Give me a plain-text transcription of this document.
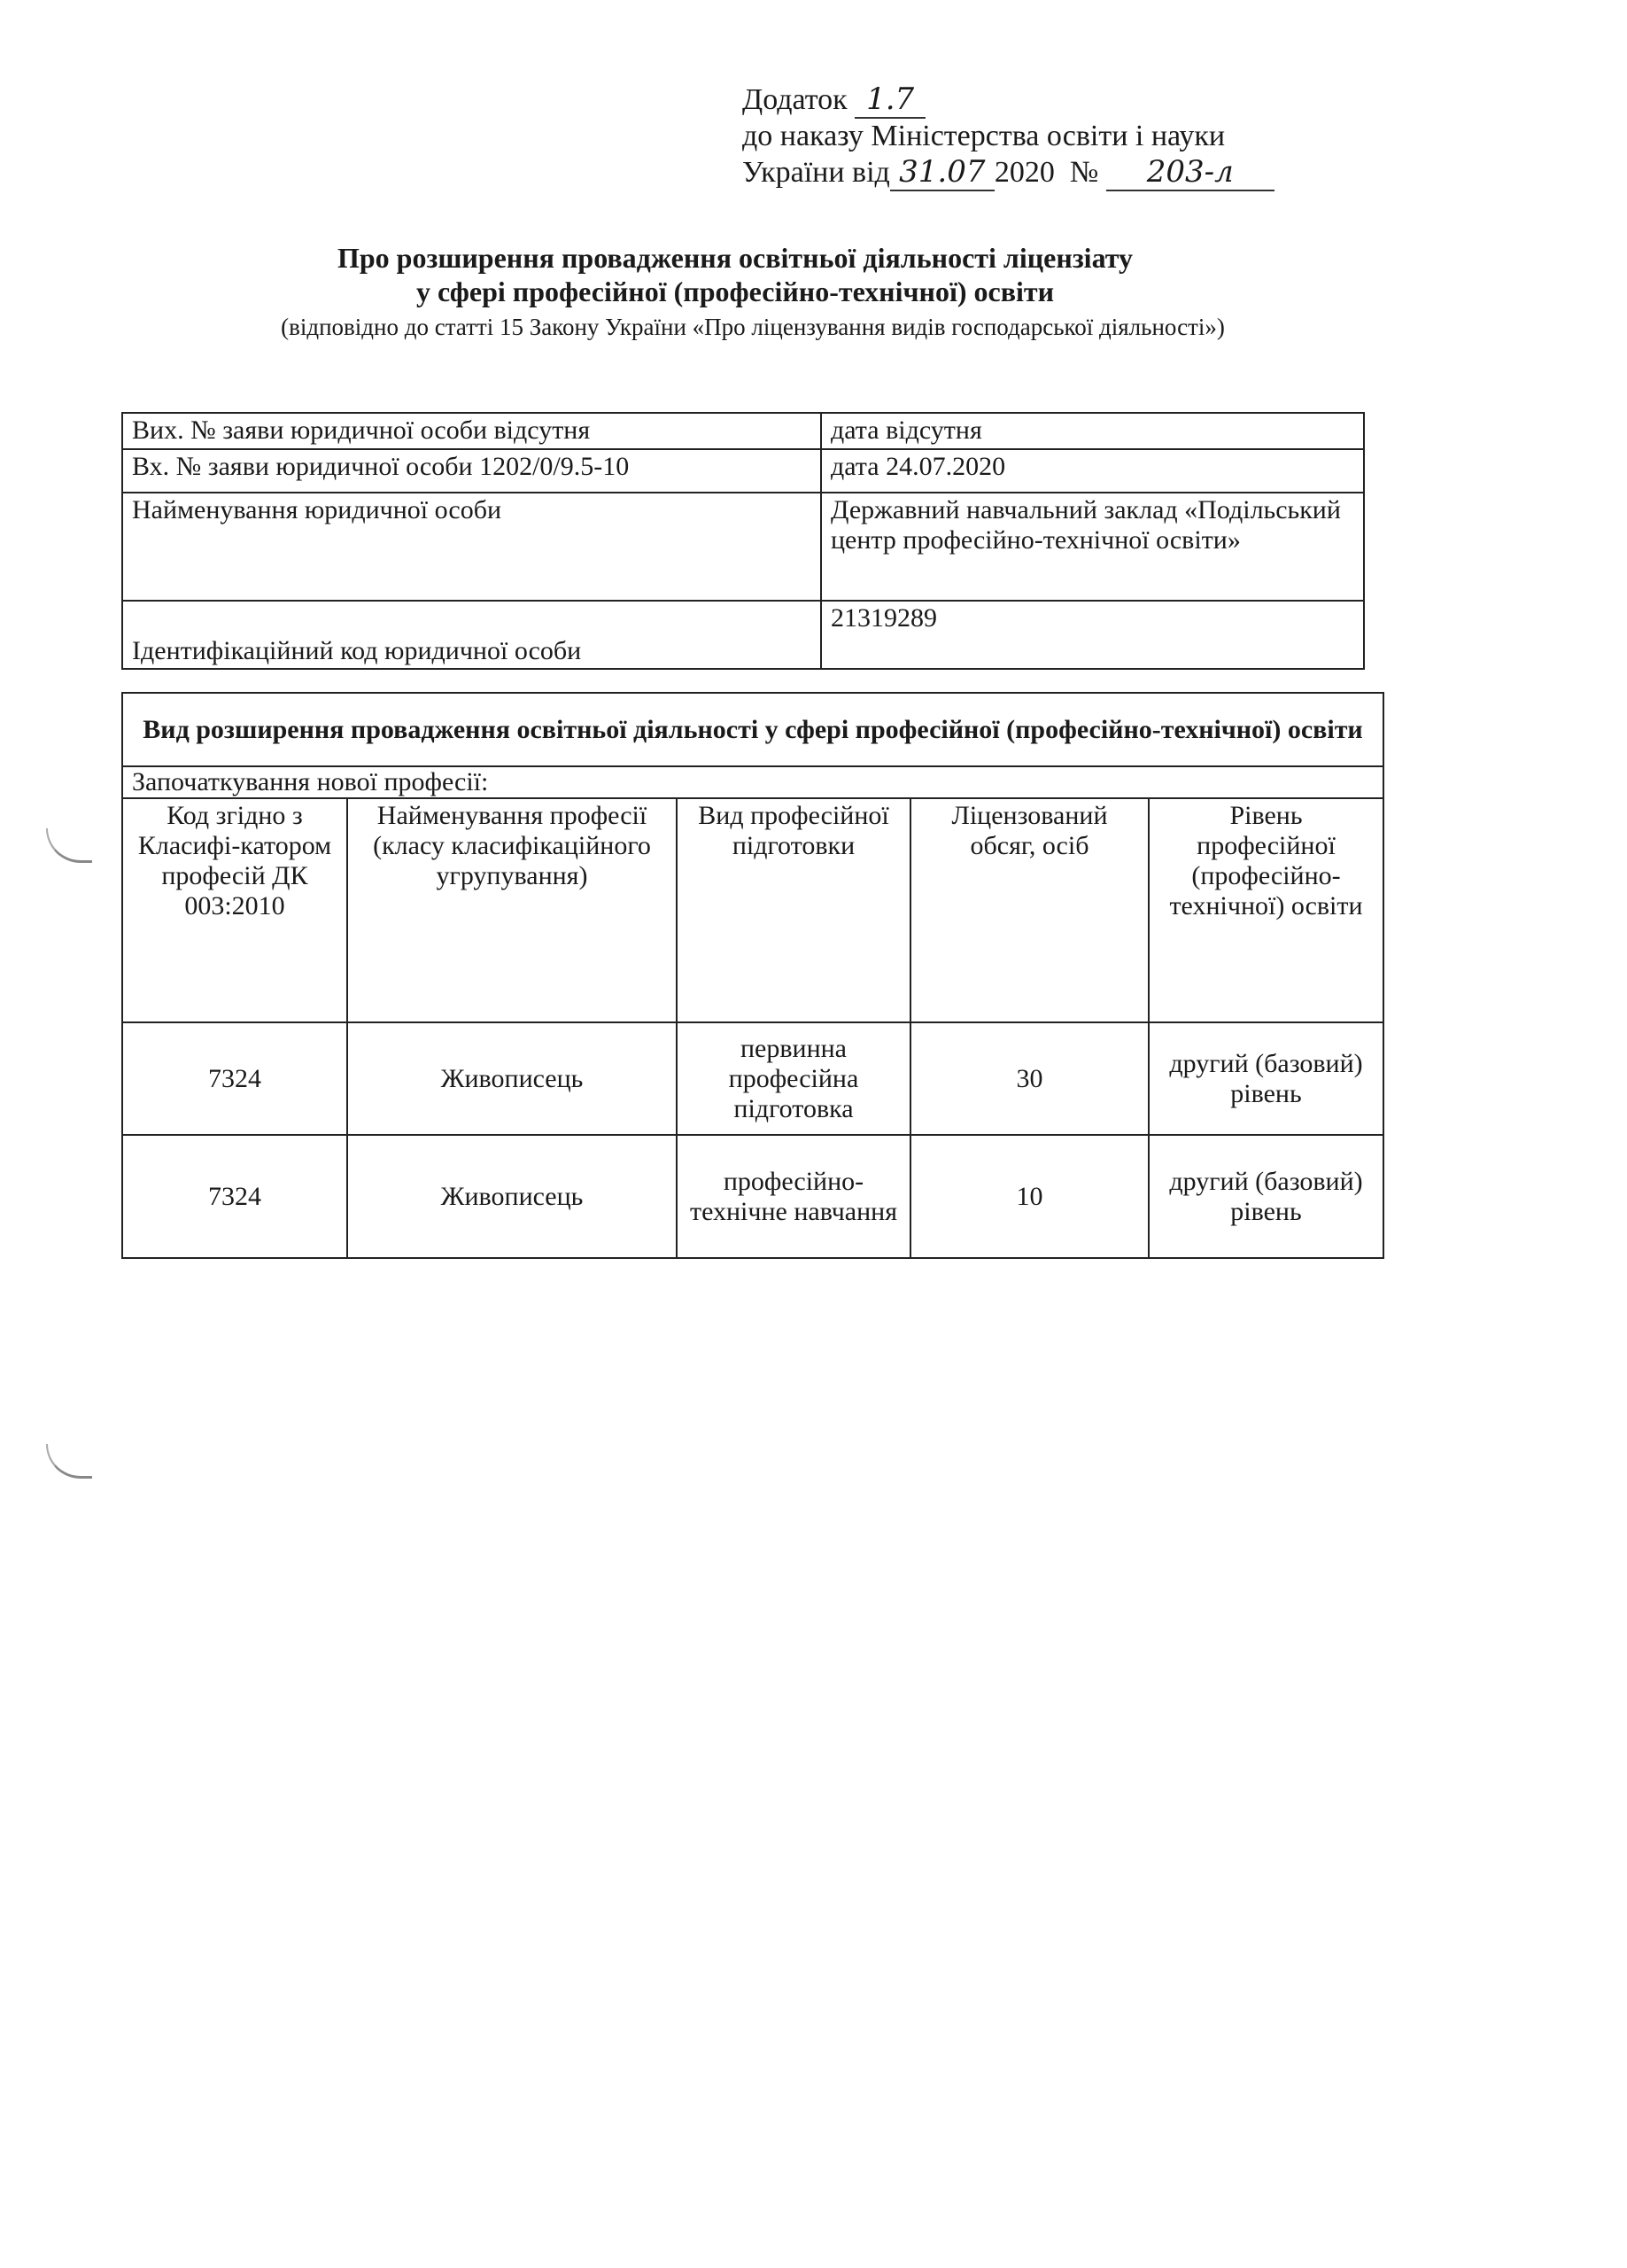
Додаток 1.7
до наказу Міністерства освіти і науки
України від 31.07 2020 № 203-л
Про розширення провадження освітньої діяльності ліцензіату
у сфері професійної (професійно-технічної) освіти
(відповідно до статті 15 Закону України «Про ліцензування видів господарської діяльності»)
Вих. № заяви юридичної особи відсутня	дата відсутня
Вх. № заяви юридичної особи 1202/0/9.5-10	дата 24.07.2020
Найменування юридичної особи	Державний навчальний заклад «Подільський центр професійно-технічної освіти»
Ідентифікаційний код юридичної особи	21319289
Вид розширення провадження освітньої діяльності у сфері професійної (професійно-технічної) освіти				
Започаткування нової професії:				
Код згідно з Класифі-катором професій ДК 003:2010	Найменування професії (класу класифікаційного угрупування)	Вид професійної підготовки	Ліцензований обсяг, осіб	Рівень професійної (професійно-технічної) освіти
7324	Живописець	первинна професійна підготовка	30	другий (базовий) рівень
7324	Живописець	професійно-технічне навчання	10	другий (базовий) рівень
